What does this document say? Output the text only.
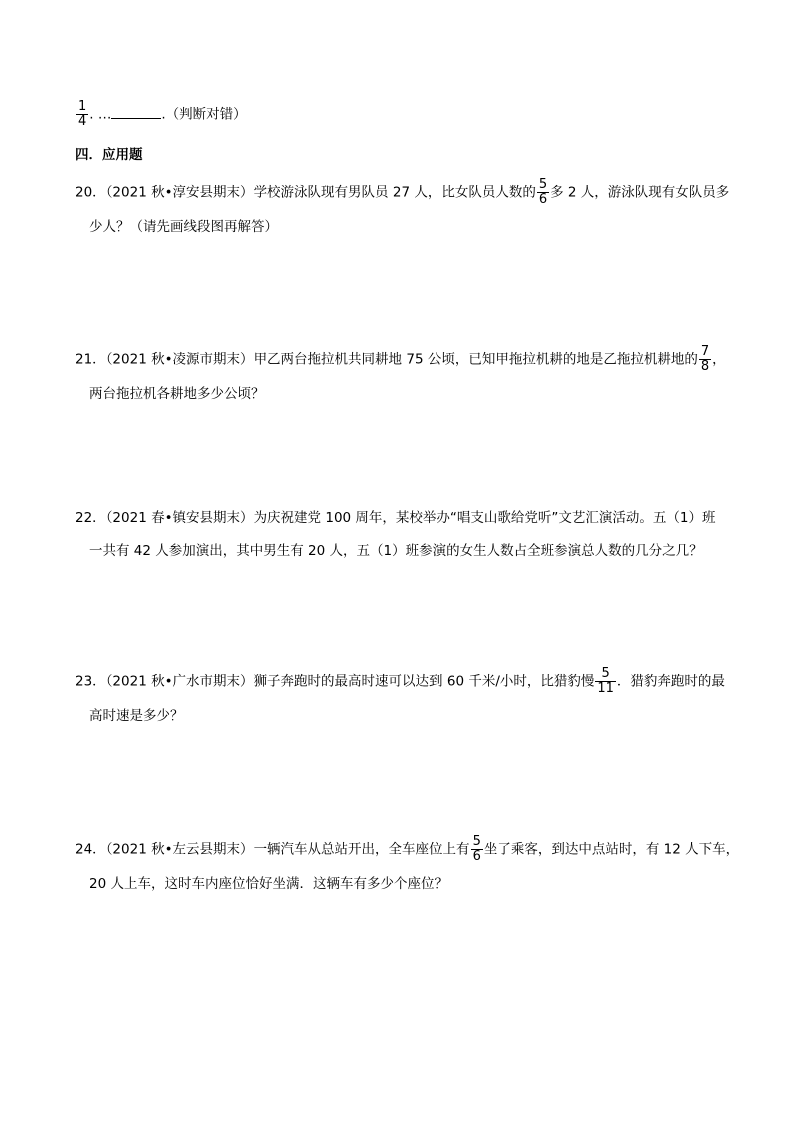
$\frac{1}{4}$ . …	.（判断对错）
四．应用题
20．（2021 秋•淳安县期末）学校游泳队现有男队员 27 人，比女队员人数的 $\frac{5}{6}$ 多 2 人，游泳队现有女队员多
少人？（请先画线段图再解答）
21．（2021 秋•凌源市期末）甲乙两台拖拉机共同耕地 75 公顷，已知甲拖拉机耕的地是乙拖拉机耕地的 $\frac{7}{8}$ ，
两台拖拉机各耕地多少公顷？
22．（2021 春•镇安县期末）为庆祝建党 100 周年，某校举办“唱支山歌给党听”文艺汇演活动。五（1）班
一共有 42 人参加演出，其中男生有 20 人，五（1）班参演的女生人数占全班参演总人数的几分之几？
23．（2021 秋•广水市期末）狮子奔跑时的最高时速可以达到 60 千米/小时，比猎豹慢 $\frac{5}{11}$ ．猎豹奔跑时的最
高时速是多少？
24．（2021 秋•左云县期末）一辆汽车从总站开出，全车座位上有 $\frac{5}{6}$ 坐了乘客，到达中点站时，有 12 人下车，
20 人上车，这时车内座位恰好坐满．这辆车有多少个座位？
